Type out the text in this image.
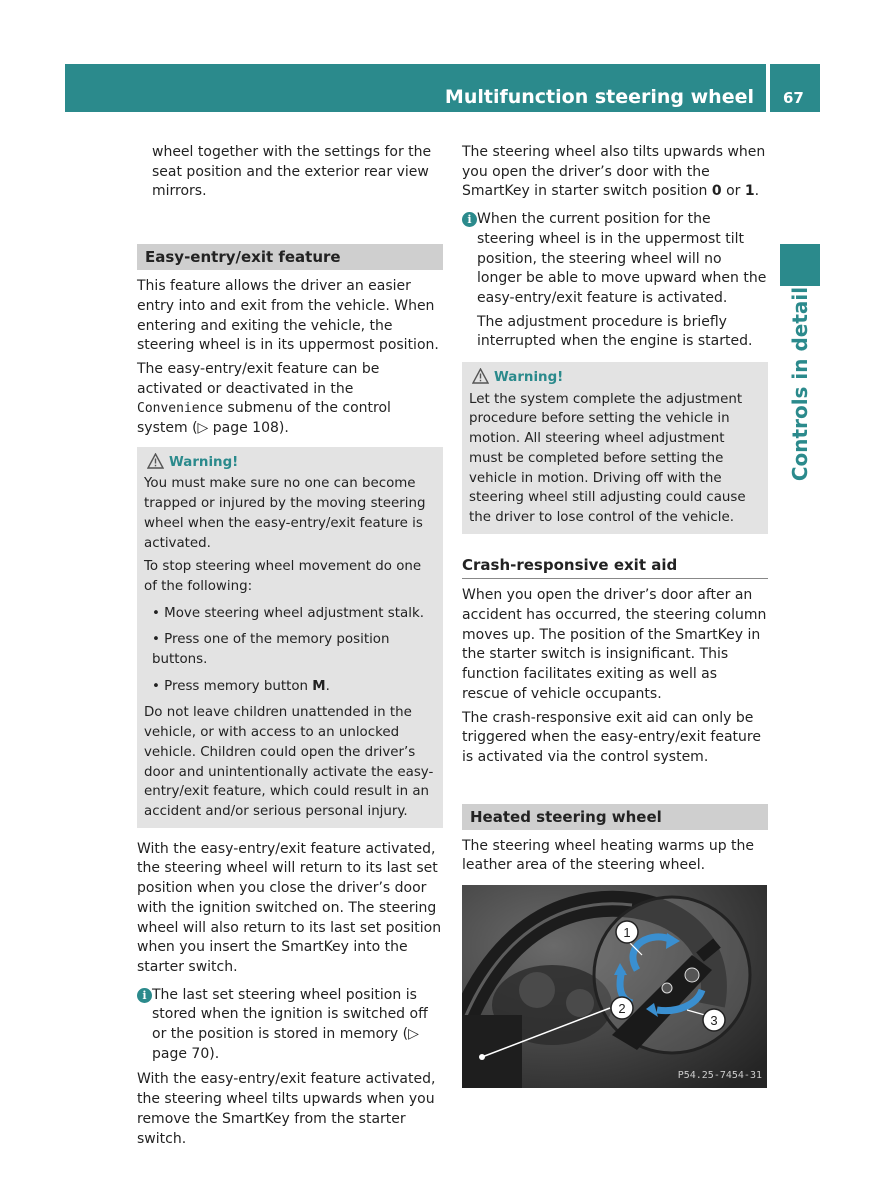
Multifunction steering wheel 67
Controls in detail

wheel together with the settings for the seat position and the exterior rear view mirrors.

Easy-entry/exit feature

This feature allows the driver an easier entry into and exit from the vehicle. When entering and exiting the vehicle, the steering wheel is in its uppermost position.

The easy-entry/exit feature can be activated or deactivated in the Convenience submenu of the control system (▷ page 108).

Warning!

You must make sure no one can become trapped or injured by the moving steering wheel when the easy-entry/exit feature is activated.

To stop steering wheel movement do one of the following:

• Move steering wheel adjustment stalk.

• Press one of the memory position buttons.

• Press memory button M.

Do not leave children unattended in the vehicle, or with access to an unlocked vehicle. Children could open the driver’s door and unintentionally activate the easy-entry/exit feature, which could result in an accident and/or serious personal injury.

With the easy-entry/exit feature activated, the steering wheel will return to its last set position when you close the driver’s door with the ignition switched on. The steering wheel will also return to its last set position when you insert the SmartKey into the starter switch.

i The last set steering wheel position is stored when the ignition is switched off or the position is stored in memory (▷ page 70).

With the easy-entry/exit feature activated, the steering wheel tilts upwards when you remove the SmartKey from the starter switch.

The steering wheel also tilts upwards when you open the driver’s door with the SmartKey in starter switch position 0 or 1.

i When the current position for the steering wheel is in the uppermost tilt position, the steering wheel will no longer be able to move upward when the easy-entry/exit feature is activated.

The adjustment procedure is briefly interrupted when the engine is started.

Warning!

Let the system complete the adjustment procedure before setting the vehicle in motion. All steering wheel adjustment must be completed before setting the vehicle in motion. Driving off with the steering wheel still adjusting could cause the driver to lose control of the vehicle.

Crash-responsive exit aid

When you open the driver’s door after an accident has occurred, the steering column moves up. The position of the SmartKey in the starter switch is insignificant. This function facilitates exiting as well as rescue of vehicle occupants.

The crash-responsive exit aid can only be triggered when the easy-entry/exit feature is activated via the control system.

Heated steering wheel

The steering wheel heating warms up the leather area of the steering wheel.

1
2
3
P54.25-7454-31
